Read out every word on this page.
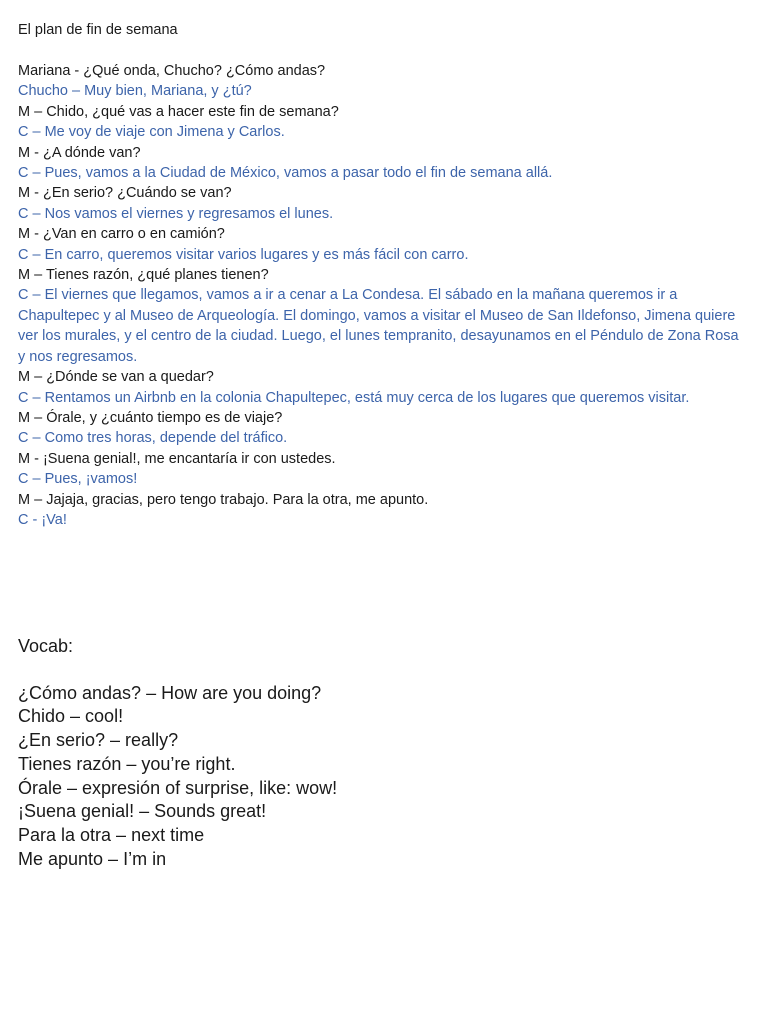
El plan de fin de semana

Mariana - ¿Qué onda, Chucho? ¿Cómo andas?

Chucho – Muy bien, Mariana, y ¿tú?

M – Chido, ¿qué vas a hacer este fin de semana?

C – Me voy de viaje con Jimena y Carlos.

M - ¿A dónde van?

C – Pues, vamos a la Ciudad de México, vamos a pasar todo el fin de semana allá.

M - ¿En serio? ¿Cuándo se van?

C – Nos vamos el viernes y regresamos el lunes.

M - ¿Van en carro o en camión?

C – En carro, queremos visitar varios lugares y es más fácil con carro.

M – Tienes razón, ¿qué planes tienen?

C – El viernes que llegamos, vamos a ir a cenar a La Condesa. El sábado en la mañana queremos ir a Chapultepec y al Museo de Arqueología. El domingo, vamos a visitar el Museo de San Ildefonso, Jimena quiere ver los murales, y el centro de la ciudad. Luego, el lunes tempranito, desayunamos en el Péndulo de Zona Rosa y nos regresamos.

M – ¿Dónde se van a quedar?

C – Rentamos un Airbnb en la colonia Chapultepec, está muy cerca de los lugares que queremos visitar.

M – Órale, y ¿cuánto tiempo es de viaje?

C – Como tres horas, depende del tráfico.

M - ¡Suena genial!, me encantaría ir con ustedes.

C – Pues, ¡vamos!

M – Jajaja, gracias, pero tengo trabajo. Para la otra, me apunto.

C - ¡Va!

Vocab:

¿Cómo andas? – How are you doing?

Chido – cool!

¿En serio? – really?

Tienes razón – you’re right.

Órale – expresión of surprise, like: wow!

¡Suena genial! – Sounds great!

Para la otra – next time

Me apunto – I’m in
